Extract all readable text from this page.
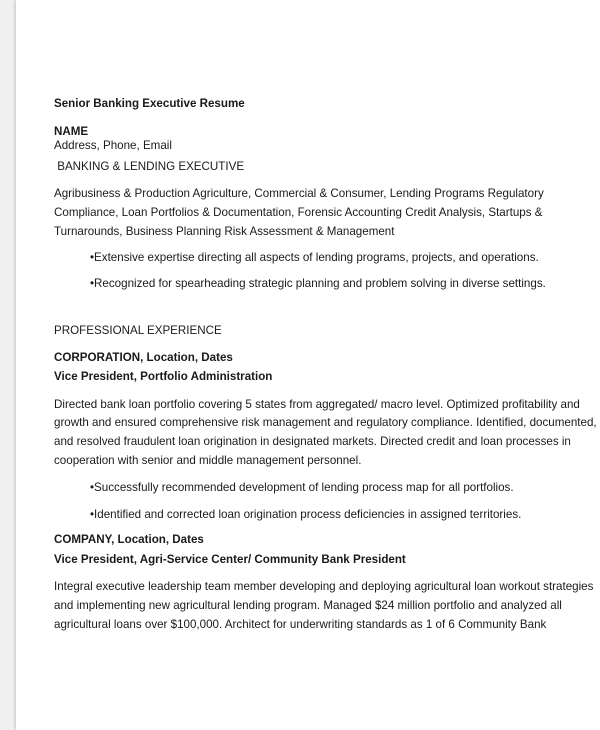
Senior Banking Executive Resume
NAME
Address, Phone, Email
BANKING & LENDING EXECUTIVE
Agribusiness & Production Agriculture, Commercial & Consumer, Lending Programs Regulatory
Compliance, Loan Portfolios & Documentation, Forensic Accounting Credit Analysis, Startups &
Turnarounds, Business Planning Risk Assessment & Management
•Extensive expertise directing all aspects of lending programs, projects, and operations.
•Recognized for spearheading strategic planning and problem solving in diverse settings.
PROFESSIONAL EXPERIENCE
CORPORATION, Location, Dates
Vice President, Portfolio Administration
Directed bank loan portfolio covering 5 states from aggregated/ macro level. Optimized profitability and
growth and ensured comprehensive risk management and regulatory compliance. Identified, documented,
and resolved fraudulent loan origination in designated markets. Directed credit and loan processes in
cooperation with senior and middle management personnel.
•Successfully recommended development of lending process map for all portfolios.
•Identified and corrected loan origination process deficiencies in assigned territories.
COMPANY, Location, Dates
Vice President, Agri-Service Center/ Community Bank President
Integral executive leadership team member developing and deploying agricultural loan workout strategies
and implementing new agricultural lending program. Managed $24 million portfolio and analyzed all
agricultural loans over $100,000. Architect for underwriting standards as 1 of 6 Community Bank
